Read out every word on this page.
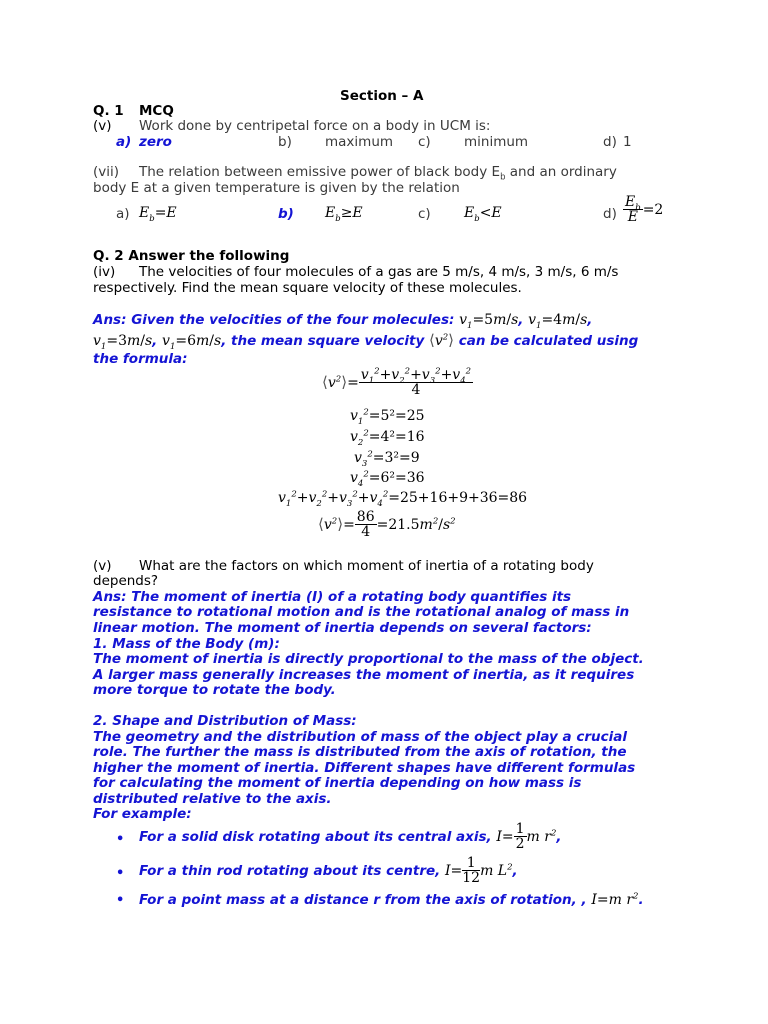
Section – A
Q. 1 MCQ
(v) Work done by centripetal force on a body in UCM is:
a) zero	b) maximum c) minimum	d) 1
(vii) The relation between emissive power of black body $E_b$ and an ordinary
body E at a given temperature is given by the relation
a) $E_b=E$	b) $E_b\ge E$	c) $E_b<E$	$d) \frac{E_b}{E} =2$
Q. 2 Answer the following
(iv) The velocities of four molecules of a gas are 5 m/s, 4 m/s, 3 m/s, 6 m/s
respectively. Find the mean square velocity of these molecules.
Ans: Given the velocities of the four molecules: $v_1=5m/s$, $v_1=4m/s$,
$v_1=3m/s$, $v_1=6m/s$, the mean square velocity $⟨v^2⟩$ can be calculated using
the formula:
$⟨v^2⟩= \frac{v_1^2+v_2^2+v_3^2+v_4^2}{4}$
$v_1^2=5^2=25$
$v_2^2=4^2=16$
$v_3^2=3^2=9$
$v_4^2=6^2=36$
$v_1^2+v_2^2+v_3^2+v_4^2=25+16+9+36=86$
$⟨v^2⟩= \frac{86}{4} =21.5m^2/s^2$
(v) What are the factors on which moment of inertia of a rotating body
depends?
Ans: The moment of inertia (I) of a rotating body quantifies its
resistance to rotational motion and is the rotational analog of mass in
linear motion. The moment of inertia depends on several factors:
1. Mass of the Body (m):
The moment of inertia is directly proportional to the mass of the object.
A larger mass generally increases the moment of inertia, as it requires
more torque to rotate the body.
2. Shape and Distribution of Mass:
The geometry and the distribution of mass of the object play a crucial
role. The further the mass is distributed from the axis of rotation, the
higher the moment of inertia. Different shapes have different formulas
for calculating the moment of inertia depending on how mass is
distributed relative to the axis.
For example:
• For a solid disk rotating about its central axis, $I= \frac{1}{2}$ m $r^2$,
• For a thin rod rotating about its centre, $I= \frac{1}{12}$ m $L^2$,
• For a point mass at a distance r from the axis of rotation, , I=m $r^2$.
